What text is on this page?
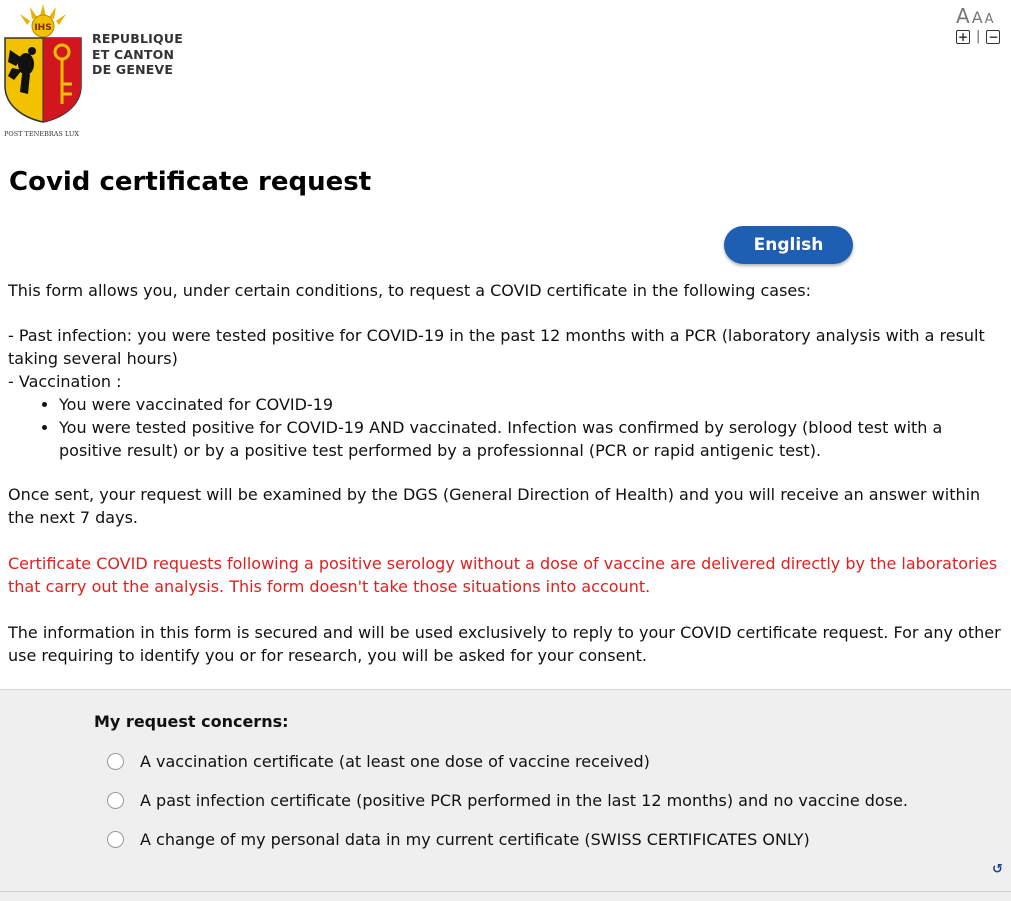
IHS
REPUBLIQUE
ET CANTON
DE GENEVE
POST TENEBRAS LUX
A A A
+ | −
Covid certificate request
English

This form allows you, under certain conditions, to request a COVID certificate in the following cases:

- Past infection: you were tested positive for COVID-19 in the past 12 months with a PCR (laboratory analysis with a result taking several hours)

- Vaccination :

• You were vaccinated for COVID-19
• You were tested positive for COVID-19 AND vaccinated. Infection was confirmed by serology (blood test with a positive result) or by a positive test performed by a professionnal (PCR or rapid antigenic test).

Once sent, your request will be examined by the DGS (General Direction of Health) and you will receive an answer within the next 7 days.

Certificate COVID requests following a positive serology without a dose of vaccine are delivered directly by the laboratories that carry out the analysis. This form doesn't take those situations into account.

The information in this form is secured and will be used exclusively to reply to your COVID certificate request. For any other use requiring to identify you or for research, you will be asked for your consent.

My request concerns:
A vaccination certificate (at least one dose of vaccine received)
A past infection certificate (positive PCR performed in the last 12 months) and no vaccine dose.
A change of my personal data in my current certificate (SWISS CERTIFICATES ONLY)
↺
